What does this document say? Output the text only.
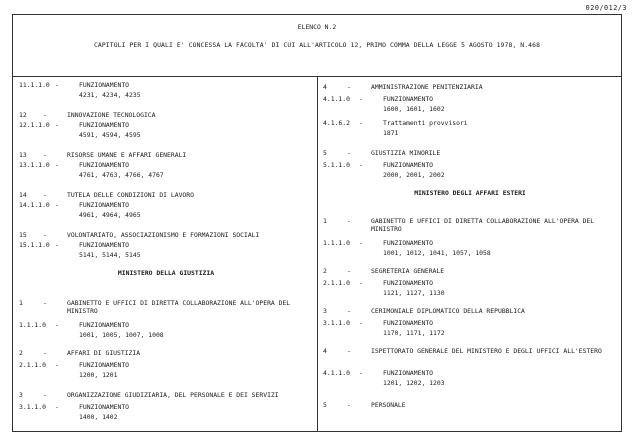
020/012/3
ELENCO N.2
CAPITOLI PER I QUALI E' CONCESSA LA FACOLTA' DI CUI ALL'ARTICOLO 12, PRIMO COMMA DELLA LEGGE 5 AGOSTO 1978, N.468
11.1.1.0 -	FUNZIONAMENTO
4231, 4234, 4235
12	-	INNOVAZIONE TECNOLOGICA
12.1.1.0 -	FUNZIONAMENTO
4591, 4594, 4595
13	-	RISORSE UMANE E AFFARI GENERALI
13.1.1.0 -	FUNZIONAMENTO
4761, 4763, 4766, 4767
14	-	TUTELA DELLE CONDIZIONI DI LAVORO
14.1.1.0 -	FUNZIONAMENTO
4961, 4964, 4965
15	-	VOLONTARIATO, ASSOCIAZIONISMO E FORMAZIONI SOCIALI
15.1.1.0 -	FUNZIONAMENTO
5141, 5144, 5145
MINISTERO DELLA GIUSTIZIA
1	-	GABINETTO E UFFICI DI DIRETTA COLLABORAZIONE ALL'OPERA DEL
MINISTRO
1.1.1.0 -	FUNZIONAMENTO
1001, 1005, 1007, 1008
2	-	AFFARI DI GIUSTIZIA
2.1.1.0 -	FUNZIONAMENTO
1200, 1201
3	-	ORGANIZZAZIONE GIUDIZIARIA, DEL PERSONALE E DEI SERVIZI
3.1.1.0 -	FUNZIONAMENTO
1400, 1402
4	-	AMMINISTRAZIONE PENITENZIARIA
4.1.1.0 -	FUNZIONAMENTO
1600, 1601, 1602
4.1.6.2 -	Trattamenti provvisori
1871
5	-	GIUSTIZIA MINORILE
5.1.1.0 -	FUNZIONAMENTO
2000, 2001, 2002
MINISTERO DEGLI AFFARI ESTERI
1	-	GABINETTO E UFFICI DI DIRETTA COLLABORAZIONE ALL'OPERA DEL
MINISTRO
1.1.1.0 -	FUNZIONAMENTO
1001, 1012, 1041, 1057, 1058
2	-	SEGRETERIA GENERALE
2.1.1.0 -	FUNZIONAMENTO
1121, 1127, 1130
3	-	CERIMONIALE DIPLOMATICO DELLA REPUBBLICA
3.1.1.0 -	FUNZIONAMENTO
1170, 1171, 1172
4	-	ISPETTORATO GENERALE DEL MINISTERO E DEGLI UFFICI ALL'ESTERO
4.1.1.0 -	FUNZIONAMENTO
1201, 1202, 1203
5	-	PERSONALE
